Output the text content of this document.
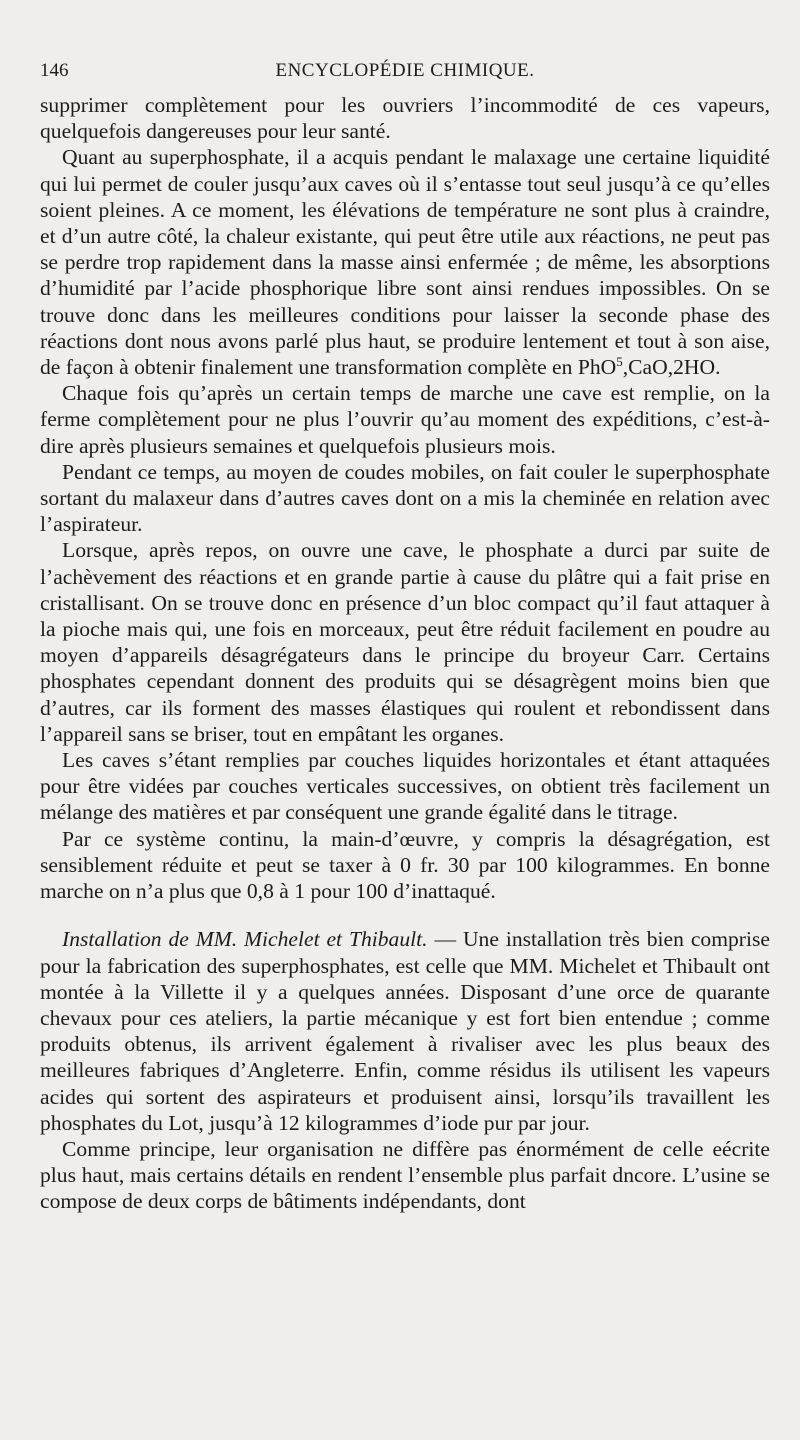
146	ENCYCLOPÉDIE CHIMIQUE.

supprimer complètement pour les ouvriers l’incommodité de ces vapeurs, quelquefois dangereuses pour leur santé.

Quant au superphosphate, il a acquis pendant le malaxage une certaine liquidité qui lui permet de couler jusqu’aux caves où il s’entasse tout seul jusqu’à ce qu’elles soient pleines. A ce moment, les élévations de température ne sont plus à craindre, et d’un autre côté, la chaleur existante, qui peut être utile aux réactions, ne peut pas se perdre trop rapidement dans la masse ainsi enfermée ; de même, les absorptions d’humidité par l’acide phosphorique libre sont ainsi rendues impossibles. On se trouve donc dans les meilleures conditions pour laisser la seconde phase des réactions dont nous avons parlé plus haut, se produire lentement et tout à son aise, de façon à obtenir finalement une transformation complète en PhO$^5$,CaO,2HO.

Chaque fois qu’après un certain temps de marche une cave est remplie, on la ferme complètement pour ne plus l’ouvrir qu’au moment des expéditions, c’est-à-dire après plusieurs semaines et quelquefois plusieurs mois.

Pendant ce temps, au moyen de coudes mobiles, on fait couler le superphosphate sortant du malaxeur dans d’autres caves dont on a mis la cheminée en relation avec l’aspirateur.

Lorsque, après repos, on ouvre une cave, le phosphate a durci par suite de l’achèvement des réactions et en grande partie à cause du plâtre qui a fait prise en cristallisant. On se trouve donc en présence d’un bloc compact qu’il faut attaquer à la pioche mais qui, une fois en morceaux, peut être réduit facilement en poudre au moyen d’appareils désagrégateurs dans le principe du broyeur Carr. Certains phosphates cependant donnent des produits qui se désagrègent moins bien que d’autres, car ils forment des masses élastiques qui roulent et rebondissent dans l’appareil sans se briser, tout en empâtant les organes.

Les caves s’étant remplies par couches liquides horizontales et étant attaquées pour être vidées par couches verticales successives, on obtient très facilement un mélange des matières et par conséquent une grande égalité dans le titrage.

Par ce système continu, la main-d’œuvre, y compris la désagrégation, est sensiblement réduite et peut se taxer à 0 fr. 30 par 100 kilogrammes. En bonne marche on n’a plus que 0,8 à 1 pour 100 d’inattaqué.

Installation de MM. Michelet et Thibault. — Une installation très bien comprise pour la fabrication des superphosphates, est celle que MM. Michelet et Thibault ont montée à la Villette il y a quelques années. Disposant d’une orce de quarante chevaux pour ces ateliers, la partie mécanique y est fort bien entendue ; comme produits obtenus, ils arrivent également à rivaliser avec les plus beaux des meilleures fabriques d’Angleterre. Enfin, comme résidus ils utilisent les vapeurs acides qui sortent des aspirateurs et produisent ainsi, lorsqu’ils travaillent les phosphates du Lot, jusqu’à 12 kilogrammes d’iode pur par jour.

Comme principe, leur organisation ne diffère pas énormément de celle eécrite plus haut, mais certains détails en rendent l’ensemble plus parfait dncore. L’usine se compose de deux corps de bâtiments indépendants, dont
